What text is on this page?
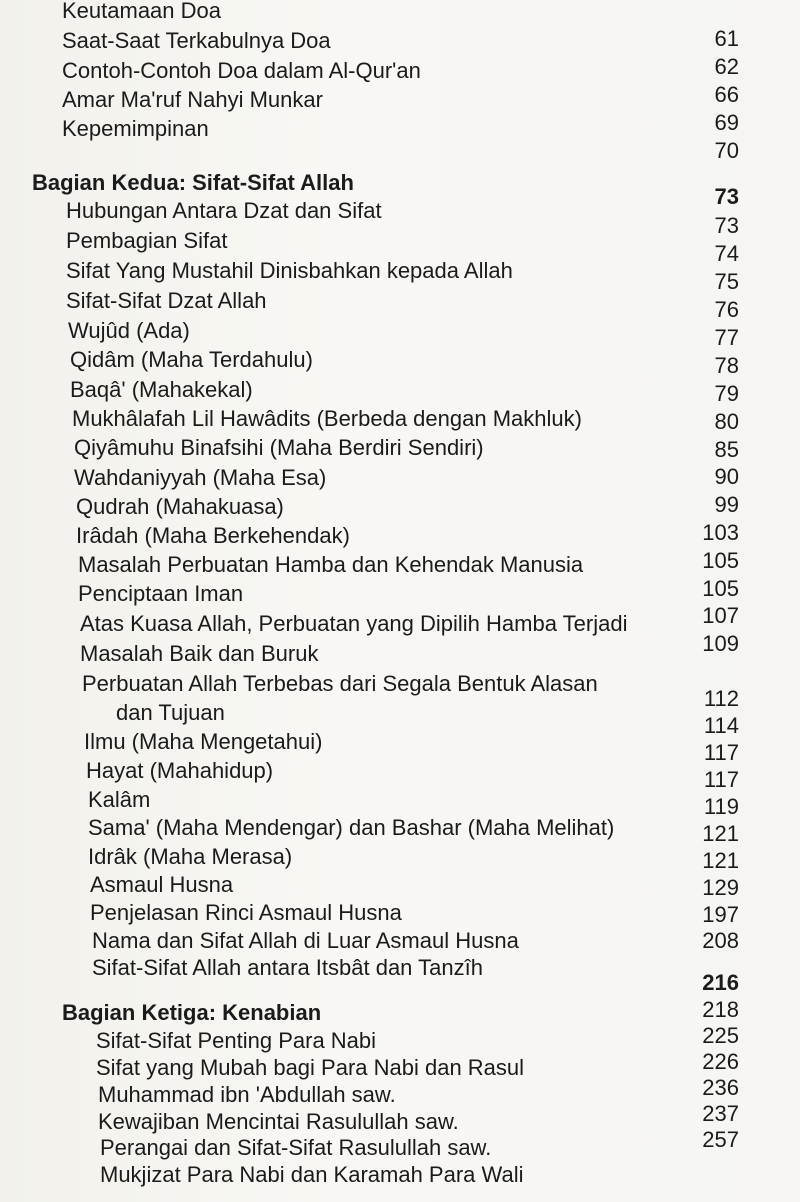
Keutamaan Doa
Saat-Saat Terkabulnya Doa
Contoh-Contoh Doa dalam Al-Qur'an
Amar Ma'ruf Nahyi Munkar
Kepemimpinan
Bagian Kedua: Sifat-Sifat Allah
Hubungan Antara Dzat dan Sifat
Pembagian Sifat
Sifat Yang Mustahil Dinisbahkan kepada Allah
Sifat-Sifat Dzat Allah
Wujûd (Ada)
Qidâm (Maha Terdahulu)
Baqâ' (Mahakekal)
Mukhâlafah Lil Hawâdits (Berbeda dengan Makhluk)
Qiyâmuhu Binafsihi (Maha Berdiri Sendiri)
Wahdaniyyah (Maha Esa)
Qudrah (Mahakuasa)
Irâdah (Maha Berkehendak)
Masalah Perbuatan Hamba dan Kehendak Manusia
Penciptaan Iman
Atas Kuasa Allah, Perbuatan yang Dipilih Hamba Terjadi
Masalah Baik dan Buruk
Perbuatan Allah Terbebas dari Segala Bentuk Alasan
dan Tujuan
Ilmu (Maha Mengetahui)
Hayat (Mahahidup)
Kalâm
Sama' (Maha Mendengar) dan Bashar (Maha Melihat)
Idrâk (Maha Merasa)
Asmaul Husna
Penjelasan Rinci Asmaul Husna
Nama dan Sifat Allah di Luar Asmaul Husna
Sifat-Sifat Allah antara Itsbât dan Tanzîh
Bagian Ketiga: Kenabian
Sifat-Sifat Penting Para Nabi
Sifat yang Mubah bagi Para Nabi dan Rasul
Muhammad ibn 'Abdullah saw.
Kewajiban Mencintai Rasulullah saw.
Perangai dan Sifat-Sifat Rasulullah saw.
Mukjizat Para Nabi dan Karamah Para Wali
61
62
66
69
70
73
73
74
75
76
77
78
79
80
85
90
99
103
105
105
107
109
112
114
117
117
119
121
121
129
197
208
216
218
225
226
236
237
257
